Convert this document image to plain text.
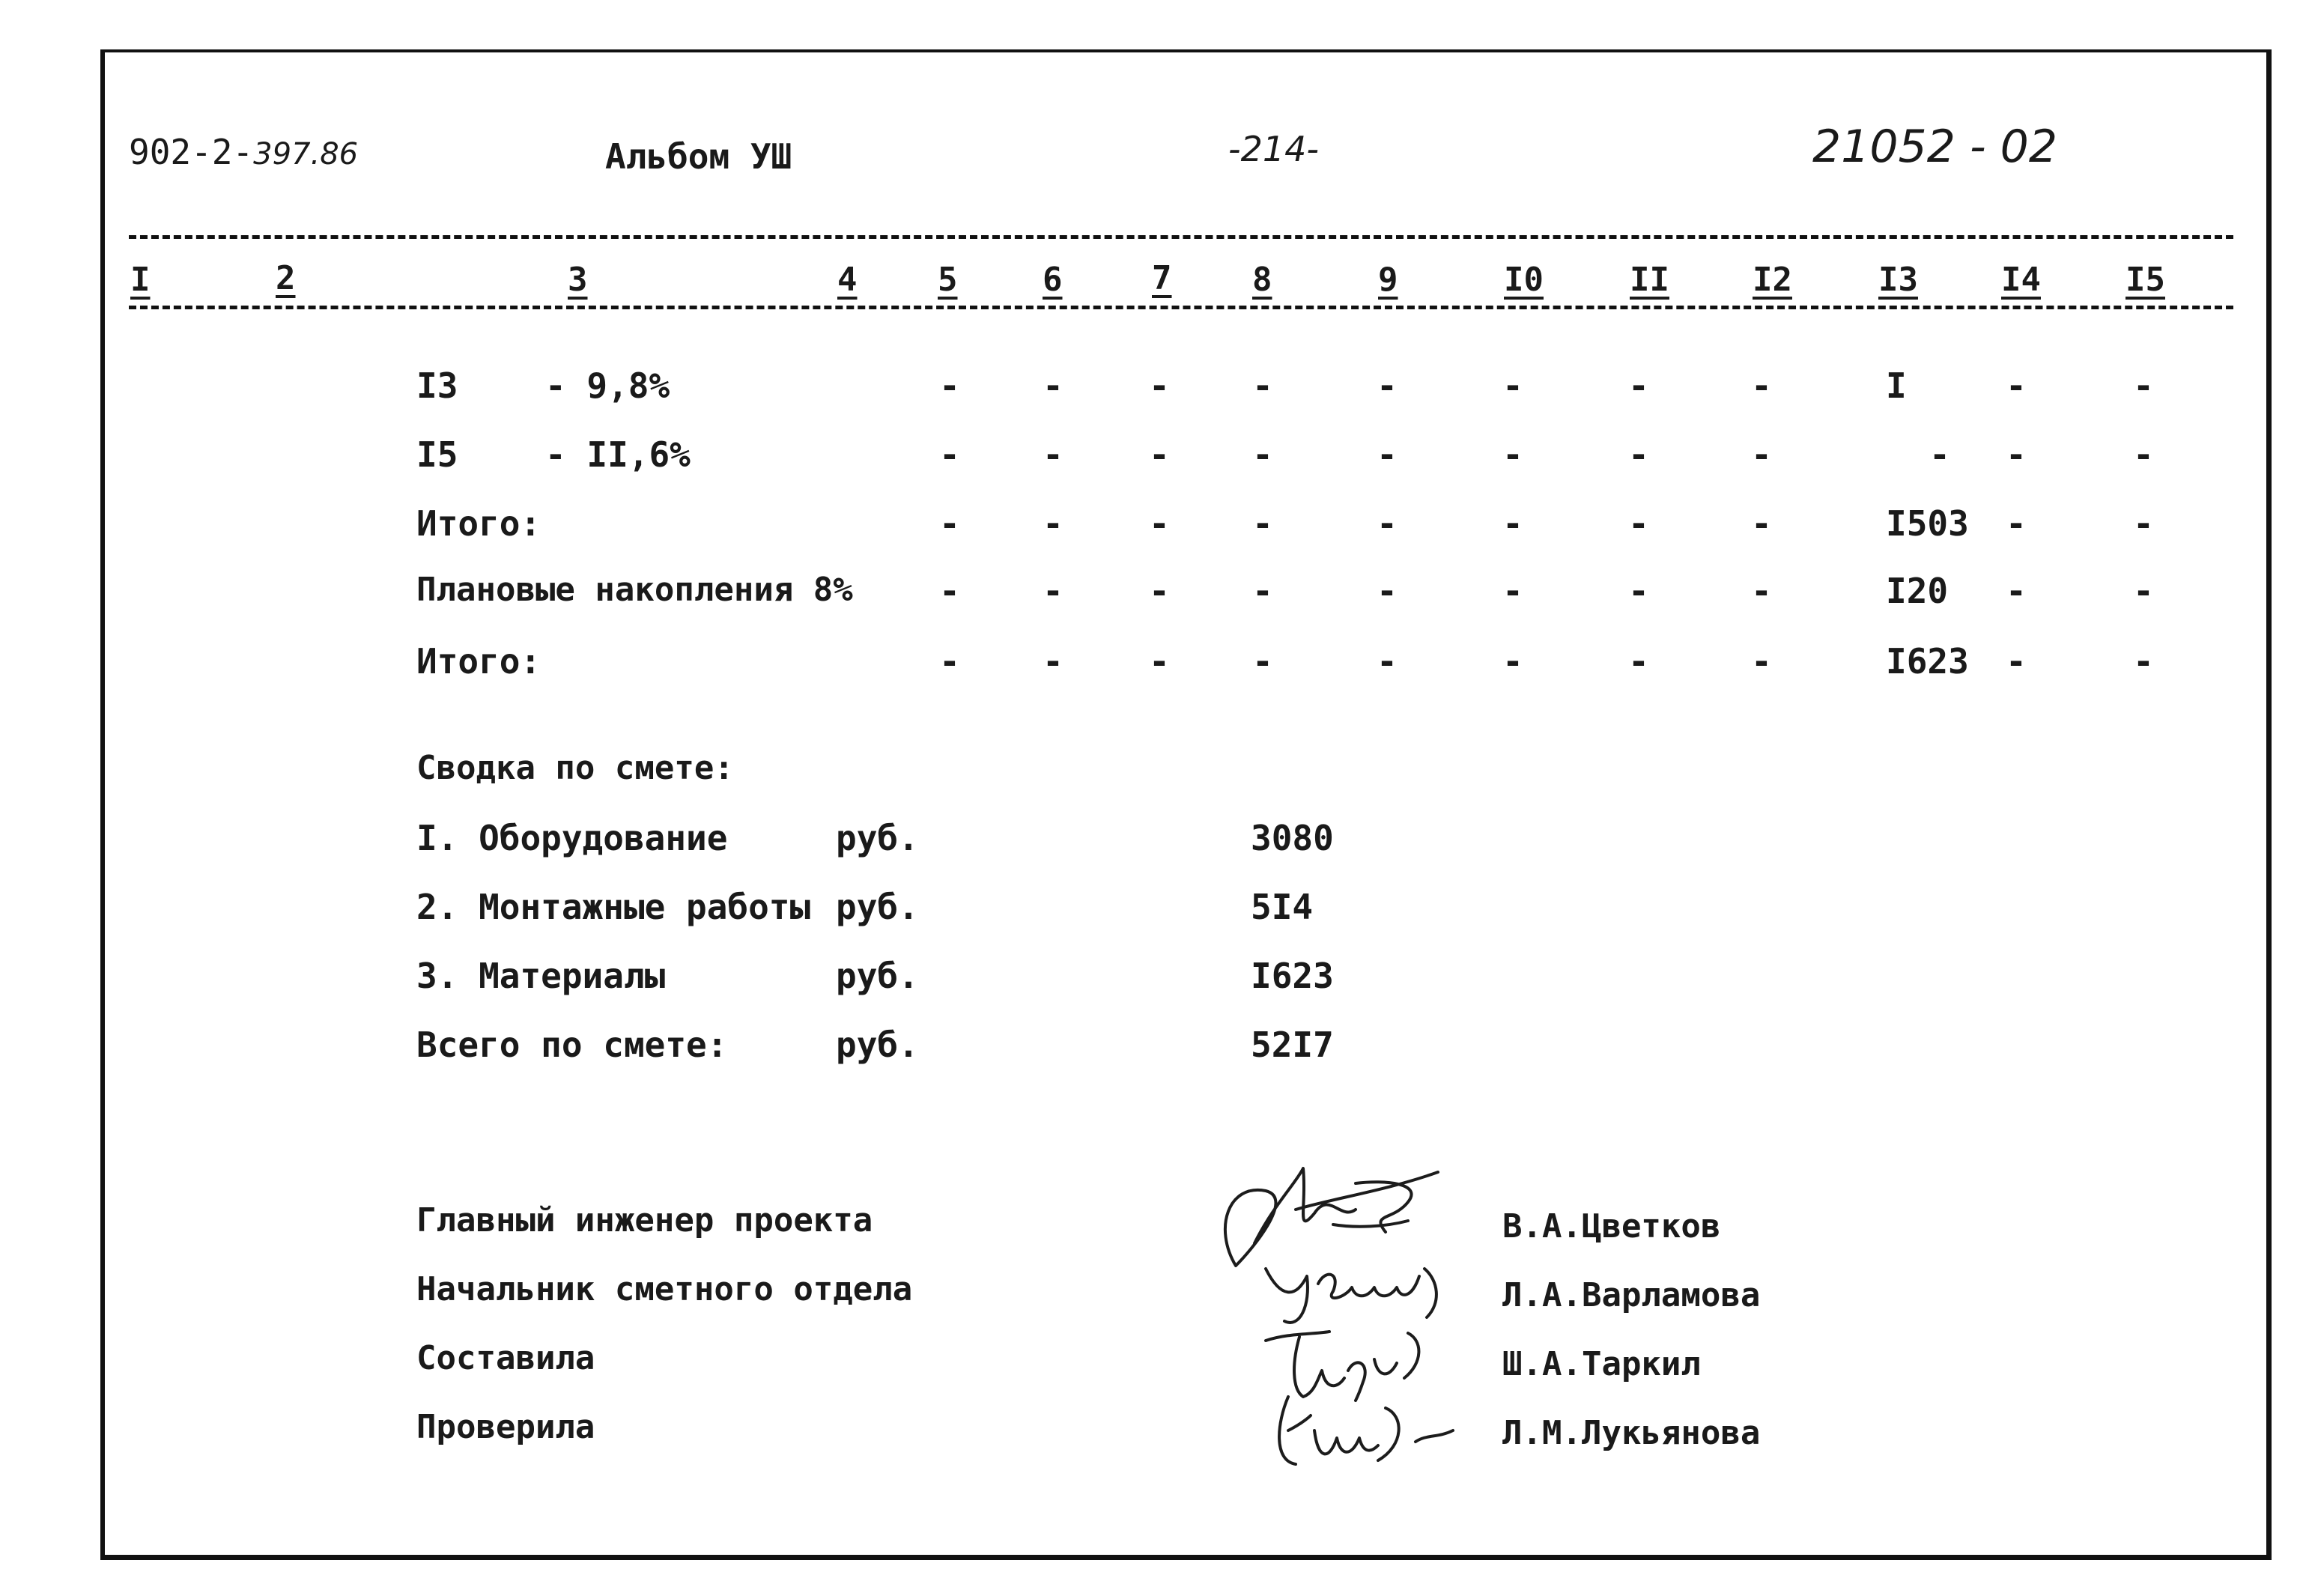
902-2-397.86	Альбом УШ	-214-	21052 - 02
I	2	3	4 5	6	7 8	9	I0	II	I2	I3	I4	I5
I3	- 9,8%	-	-	-	-	-	-	-	-	I	-	-
I5	- II,6%	-	-	-	-	-	-	-	-	-	-	-
Итого:	-	-	-	-	-	-	-	-	I503	-	-
Плановые накопления 8%	-	-	-	-	-	-	-	-	I20	-	-
Итого:	-	-	-	-	-	-	-	-	I623	-	-
Сводка по смете:
I. Оборудование	руб.	3080
2. Монтажные работы руб.	5I4
3. Материалы	руб.	I623
Всего по смете:	руб.	52I7
Главный инженер проекта	В.А.Цветков
Начальник сметного отдела	Л.А.Варламова
Составила	Ш.А.Таркил
Проверила	Л.М.Лукьянова
